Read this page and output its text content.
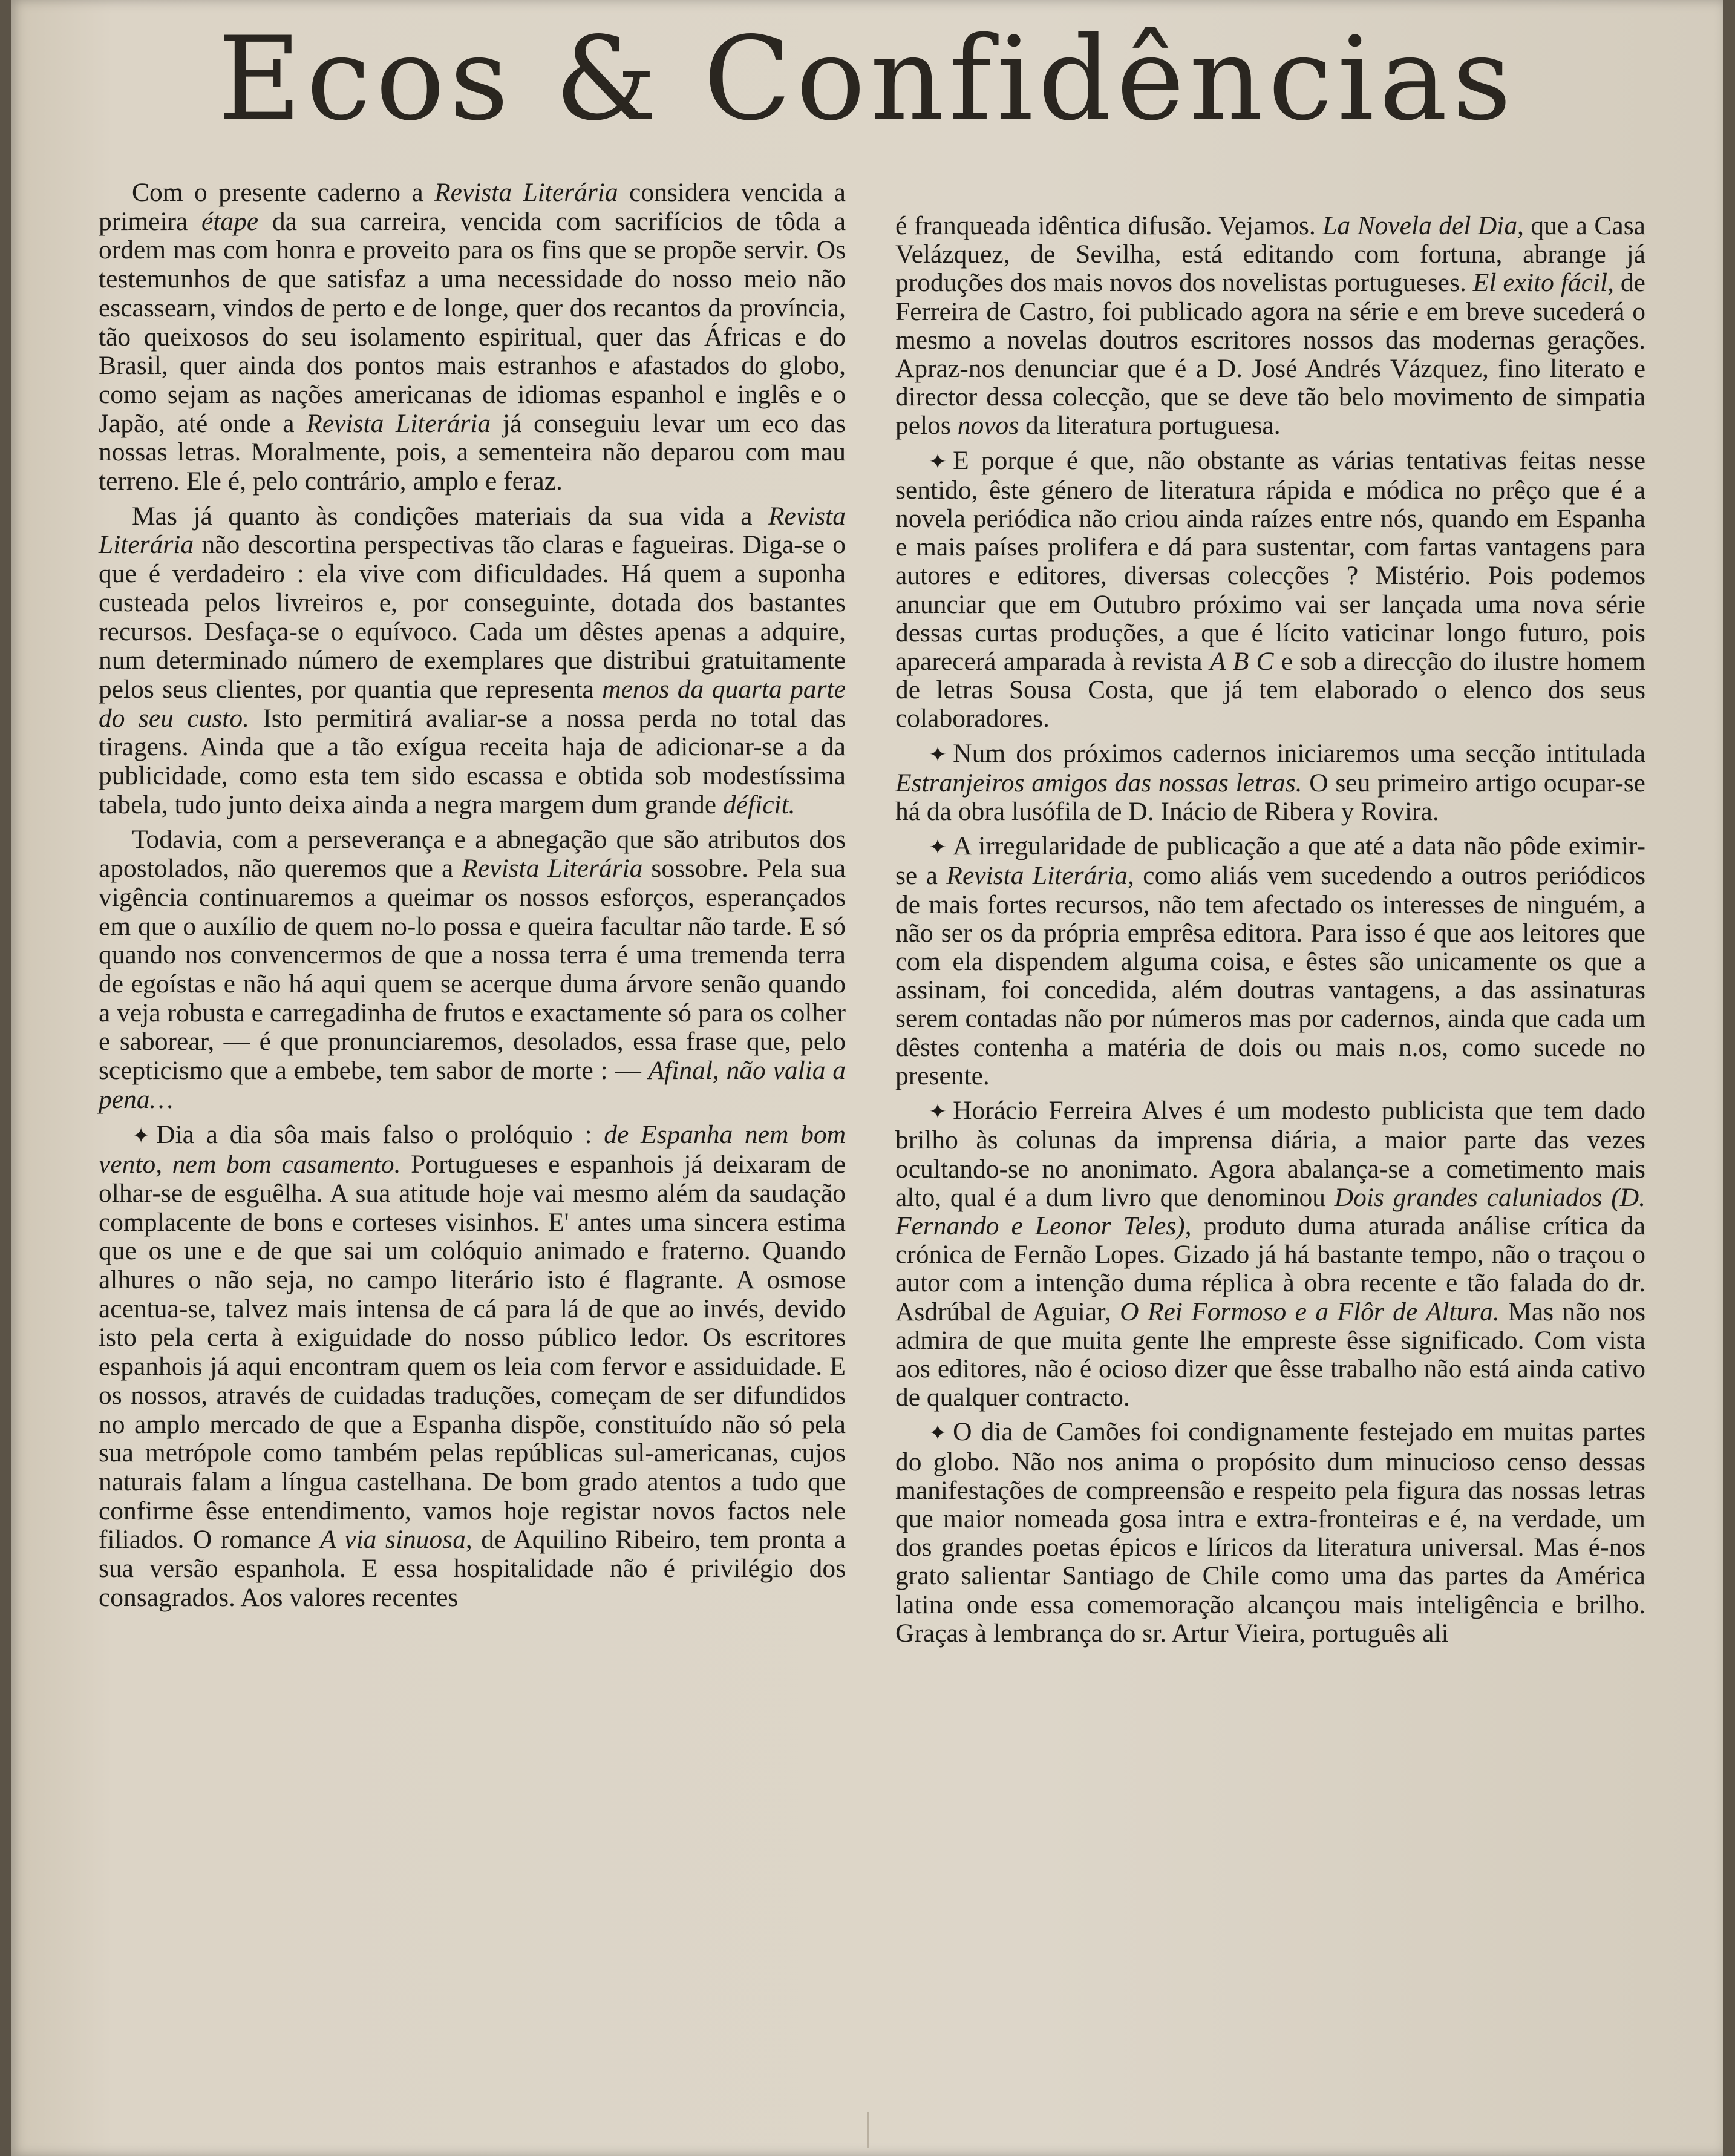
Ecos & Confidências

Com o presente caderno a Revista Literária considera vencida a primeira étape da sua carreira, vencida com sacrifícios de tôda a ordem mas com honra e proveito para os fins que se propõe servir. Os testemunhos de que satisfaz a uma necessidade do nosso meio não escassearn, vindos de perto e de longe, quer dos recantos da província, tão queixosos do seu isolamento espiritual, quer das Áfricas e do Brasil, quer ainda dos pontos mais estranhos e afastados do globo, como sejam as nações americanas de idiomas espanhol e inglês e o Japão, até onde a Revista Literária já conseguiu levar um eco das nossas letras. Moralmente, pois, a sementeira não deparou com mau terreno. Ele é, pelo contrário, amplo e feraz.

Mas já quanto às condições materiais da sua vida a Revista Literária não descortina perspectivas tão claras e fagueiras. Diga-se o que é verdadeiro : ela vive com dificuldades. Há quem a suponha custeada pelos livreiros e, por conseguinte, dotada dos bastantes recursos. Desfaça-se o equívoco. Cada um dêstes apenas a adquire, num determinado número de exemplares que distribui gratuitamente pelos seus clientes, por quantia que representa menos da quarta parte do seu custo. Isto permitirá avaliar-se a nossa perda no total das tiragens. Ainda que a tão exígua receita haja de adicionar-se a da publicidade, como esta tem sido escassa e obtida sob modestíssima tabela, tudo junto deixa ainda a negra margem dum grande déficit.

Todavia, com a perseverança e a abnegação que são atributos dos apostolados, não queremos que a Revista Literária sossobre. Pela sua vigência continuaremos a queimar os nossos esforços, esperançados em que o auxílio de quem no-lo possa e queira facultar não tarde. E só quando nos convencermos de que a nossa terra é uma tremenda terra de egoístas e não há aqui quem se acerque duma árvore senão quando a veja robusta e carregadinha de frutos e exactamente só para os colher e saborear, — é que pronunciaremos, desolados, essa frase que, pelo scepticismo que a embebe, tem sabor de morte : — Afinal, não valia a pena…

✦ Dia a dia sôa mais falso o prolóquio : de Espanha nem bom vento, nem bom casamento. Portugueses e espanhois já deixaram de olhar-se de esguêlha. A sua atitude hoje vai mesmo além da saudação complacente de bons e corteses visinhos. E' antes uma sincera estima que os une e de que sai um colóquio animado e fraterno. Quando alhures o não seja, no campo literário isto é flagrante. A osmose acentua-se, talvez mais intensa de cá para lá de que ao invés, devido isto pela certa à exiguidade do nosso público ledor. Os escritores espanhois já aqui encontram quem os leia com fervor e assiduidade. E os nossos, através de cuidadas traduções, começam de ser difundidos no amplo mercado de que a Espanha dispõe, constituído não só pela sua metrópole como também pelas repúblicas sul-americanas, cujos naturais falam a língua castelhana. De bom grado atentos a tudo que confirme êsse entendimento, vamos hoje registar novos factos nele filiados. O romance A via sinuosa, de Aquilino Ribeiro, tem pronta a sua versão espanhola. E essa hospitalidade não é privilégio dos consagrados. Aos valores recentes

é franqueada idêntica difusão. Vejamos. La Novela del Dia, que a Casa Velázquez, de Sevilha, está editando com fortuna, abrange já produções dos mais novos dos novelistas portugueses. El exito fácil, de Ferreira de Castro, foi publicado agora na série e em breve sucederá o mesmo a novelas doutros escritores nossos das modernas gerações. Apraz-nos denunciar que é a D. José Andrés Vázquez, fino literato e director dessa colecção, que se deve tão belo movimento de simpatia pelos novos da literatura portuguesa.

✦ E porque é que, não obstante as várias tentativas feitas nesse sentido, êste género de literatura rápida e módica no prêço que é a novela periódica não criou ainda raízes entre nós, quando em Espanha e mais países prolifera e dá para sustentar, com fartas vantagens para autores e editores, diversas colecções ? Mistério. Pois podemos anunciar que em Outubro próximo vai ser lançada uma nova série dessas curtas produções, a que é lícito vaticinar longo futuro, pois aparecerá amparada à revista A B C e sob a direcção do ilustre homem de letras Sousa Costa, que já tem elaborado o elenco dos seus colaboradores.

✦ Num dos próximos cadernos iniciaremos uma secção intitulada Estranjeiros amigos das nossas letras. O seu primeiro artigo ocupar-se há da obra lusófila de D. Inácio de Ribera y Rovira.

✦ A irregularidade de publicação a que até a data não pôde eximir-se a Revista Literária, como aliás vem sucedendo a outros periódicos de mais fortes recursos, não tem afectado os interesses de ninguém, a não ser os da própria emprêsa editora. Para isso é que aos leitores que com ela dispendem alguma coisa, e êstes são unicamente os que a assinam, foi concedida, além doutras vantagens, a das assinaturas serem contadas não por números mas por cadernos, ainda que cada um dêstes contenha a matéria de dois ou mais n.os, como sucede no presente.

✦ Horácio Ferreira Alves é um modesto publicista que tem dado brilho às colunas da imprensa diária, a maior parte das vezes ocultando-se no anonimato. Agora abalança-se a cometimento mais alto, qual é a dum livro que denominou Dois grandes caluniados (D. Fernando e Leonor Teles), produto duma aturada análise crítica da crónica de Fernão Lopes. Gizado já há bastante tempo, não o traçou o autor com a intenção duma réplica à obra recente e tão falada do dr. Asdrúbal de Aguiar, O Rei Formoso e a Flôr de Altura. Mas não nos admira de que muita gente lhe empreste êsse significado. Com vista aos editores, não é ocioso dizer que êsse trabalho não está ainda cativo de qualquer contracto.

✦ O dia de Camões foi condignamente festejado em muitas partes do globo. Não nos anima o propósito dum minucioso censo dessas manifestações de compreensão e respeito pela figura das nossas letras que maior nomeada gosa intra e extra-fronteiras e é, na verdade, um dos grandes poetas épicos e líricos da literatura universal. Mas é-nos grato salientar Santiago de Chile como uma das partes da América latina onde essa comemoração alcançou mais inteligência e brilho. Graças à lembrança do sr. Artur Vieira, português ali
